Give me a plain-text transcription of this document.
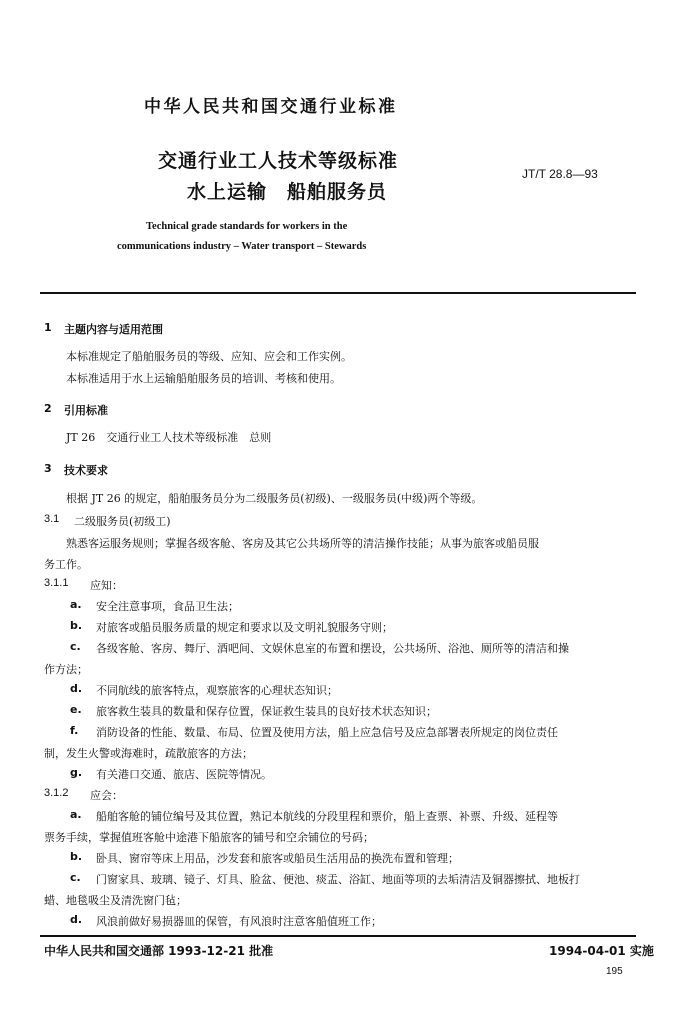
中华人民共和国交通行业标准
交通行业工人技术等级标准
水上运输　船舶服务员
JT/T 28.8—93
Technical grade standards for workers in the
communications industry – Water transport – Stewards
1 主题内容与适用范围
本标准规定了船舶服务员的等级、应知、应会和工作实例。
本标准适用于水上运输船舶服务员的培训、考核和使用。
2 引用标准
JT 26　交通行业工人技术等级标准　总则
3 技术要求
根据 JT 26 的规定，船舶服务员分为二级服务员(初级)、一级服务员(中级)两个等级。
3.1 二级服务员(初级工)
熟悉客运服务规则；掌握各级客舱、客房及其它公共场所等的清洁操作技能；从事为旅客或船员服
务工作。
3.1.1 应知：
a. 安全注意事项，食品卫生法；
b. 对旅客或船员服务质量的规定和要求以及文明礼貌服务守则；
c. 各级客舱、客房、舞厅、酒吧间、文娱休息室的布置和摆设，公共场所、浴池、厕所等的清洁和操
作方法；
d. 不同航线的旅客特点，观察旅客的心理状态知识；
e. 旅客救生装具的数量和保存位置，保证救生装具的良好技术状态知识；
f. 消防设备的性能、数量、布局、位置及使用方法，船上应急信号及应急部署表所规定的岗位责任
制，发生火警或海难时，疏散旅客的方法；
g. 有关港口交通、旅店、医院等情况。
3.1.2 应会：
a. 船舶客舱的铺位编号及其位置，熟记本航线的分段里程和票价，船上查票、补票、升级、延程等
票务手续，掌握值班客舱中途港下船旅客的铺号和空余铺位的号码；
b. 卧具、窗帘等床上用品，沙发套和旅客或船员生活用品的换洗布置和管理；
c. 门窗家具、玻璃、镜子、灯具、脸盆、便池、痰盂、浴缸、地面等项的去垢清洁及铜器擦拭、地板打
蜡、地毯吸尘及清洗窗门毡；
d. 风浪前做好易损器皿的保管，有风浪时注意客船值班工作；
中华人民共和国交通部 1993-12-21 批准	1994-04-01 实施
195
